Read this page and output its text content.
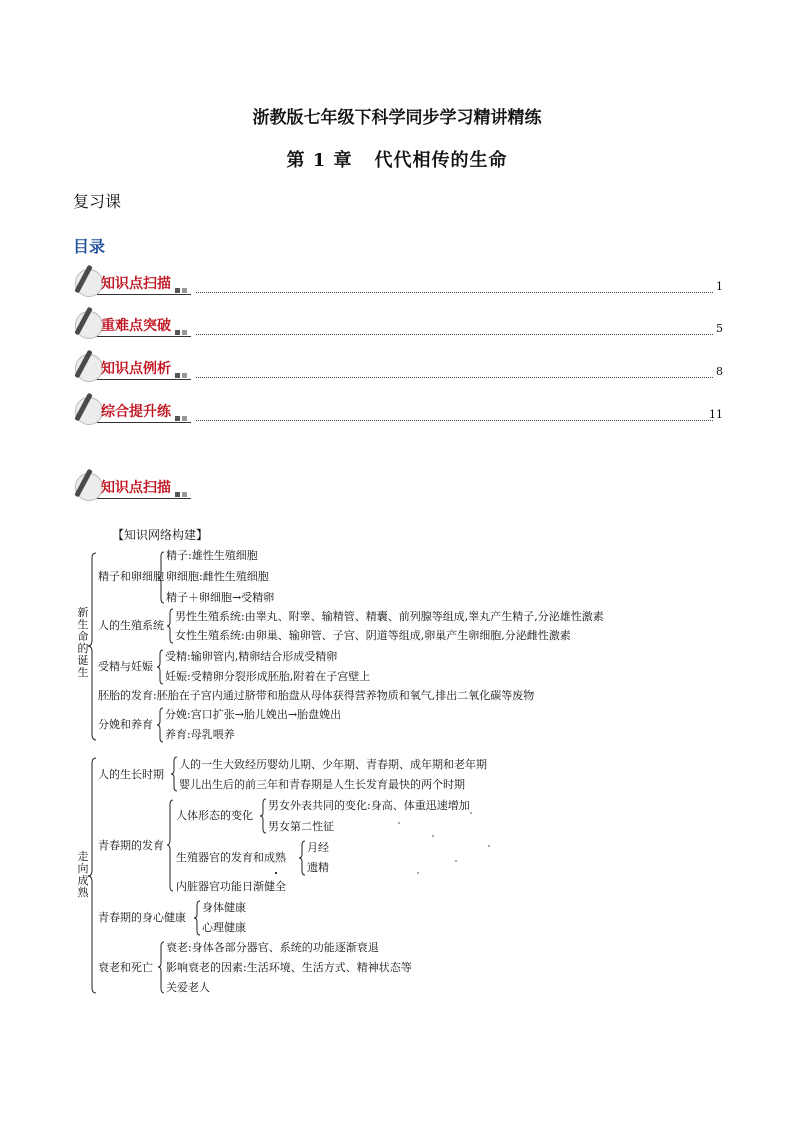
浙教版七年级下科学同步学习精讲精练
第 1 章 代代相传的生命
复习课
目录
知识点扫描	1
重难点突破	5
知识点例析	8
综合提升练	11
知识点扫描
【知识网络构建】
新生命的诞生
精子和卵细胞
精子:雄性生殖细胞
卵细胞:雌性生殖细胞
精子＋卵细胞→受精卵
人的生殖系统
男性生殖系统:由睾丸、附睾、输精管、精囊、前列腺等组成,睾丸产生精子,分泌雄性激素
女性生殖系统:由卵巢、输卵管、子宫、阴道等组成,卵巢产生卵细胞,分泌雌性激素
受精与妊娠
受精:输卵管内,精卵结合形成受精卵
妊娠:受精卵分裂形成胚胎,附着在子宫壁上
胚胎的发育:胚胎在子宫内通过脐带和胎盘从母体获得营养物质和氧气,排出二氧化碳等废物
分娩和养育
分娩:宫口扩张→胎儿娩出→胎盘娩出
养育:母乳喂养
走向成熟
人的生长时期
人的一生大致经历婴幼儿期、少年期、青春期、成年期和老年期
婴儿出生后的前三年和青春期是人生长发育最快的两个时期
青春期的发育
人体形态的变化
男女外表共同的变化:身高、体重迅速增加
男女第二性征
生殖器官的发育和成熟
月经
遗精
内脏器官功能日渐健全
青春期的身心健康
身体健康
心理健康
衰老和死亡
衰老:身体各部分器官、系统的功能逐渐衰退
影响衰老的因素:生活环境、生活方式、精神状态等
关爱老人
